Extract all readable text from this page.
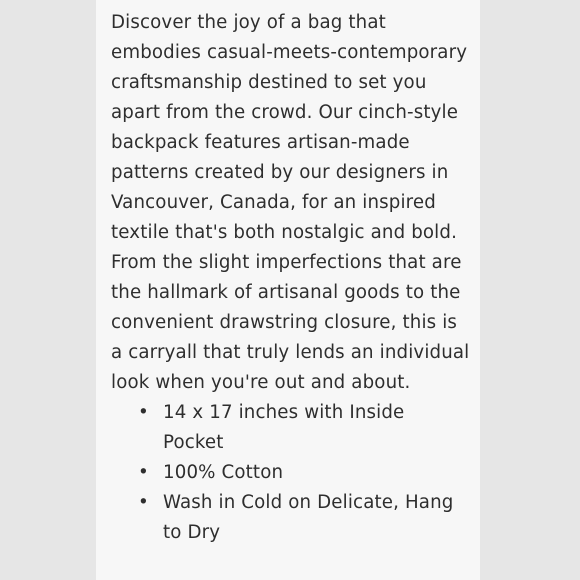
Discover the joy of a bag that embodies casual-meets-contemporary craftsmanship destined to set you apart from the crowd. Our cinch-style backpack features artisan-made patterns created by our designers in Vancouver, Canada, for an inspired textile that's both nostalgic and bold. From the slight imperfections that are the hallmark of artisanal goods to the convenient drawstring closure, this is a carryall that truly lends an individual look when you're out and about.

• 14 x 17 inches with Inside Pocket
• 100% Cotton
• Wash in Cold on Delicate, Hang to Dry
